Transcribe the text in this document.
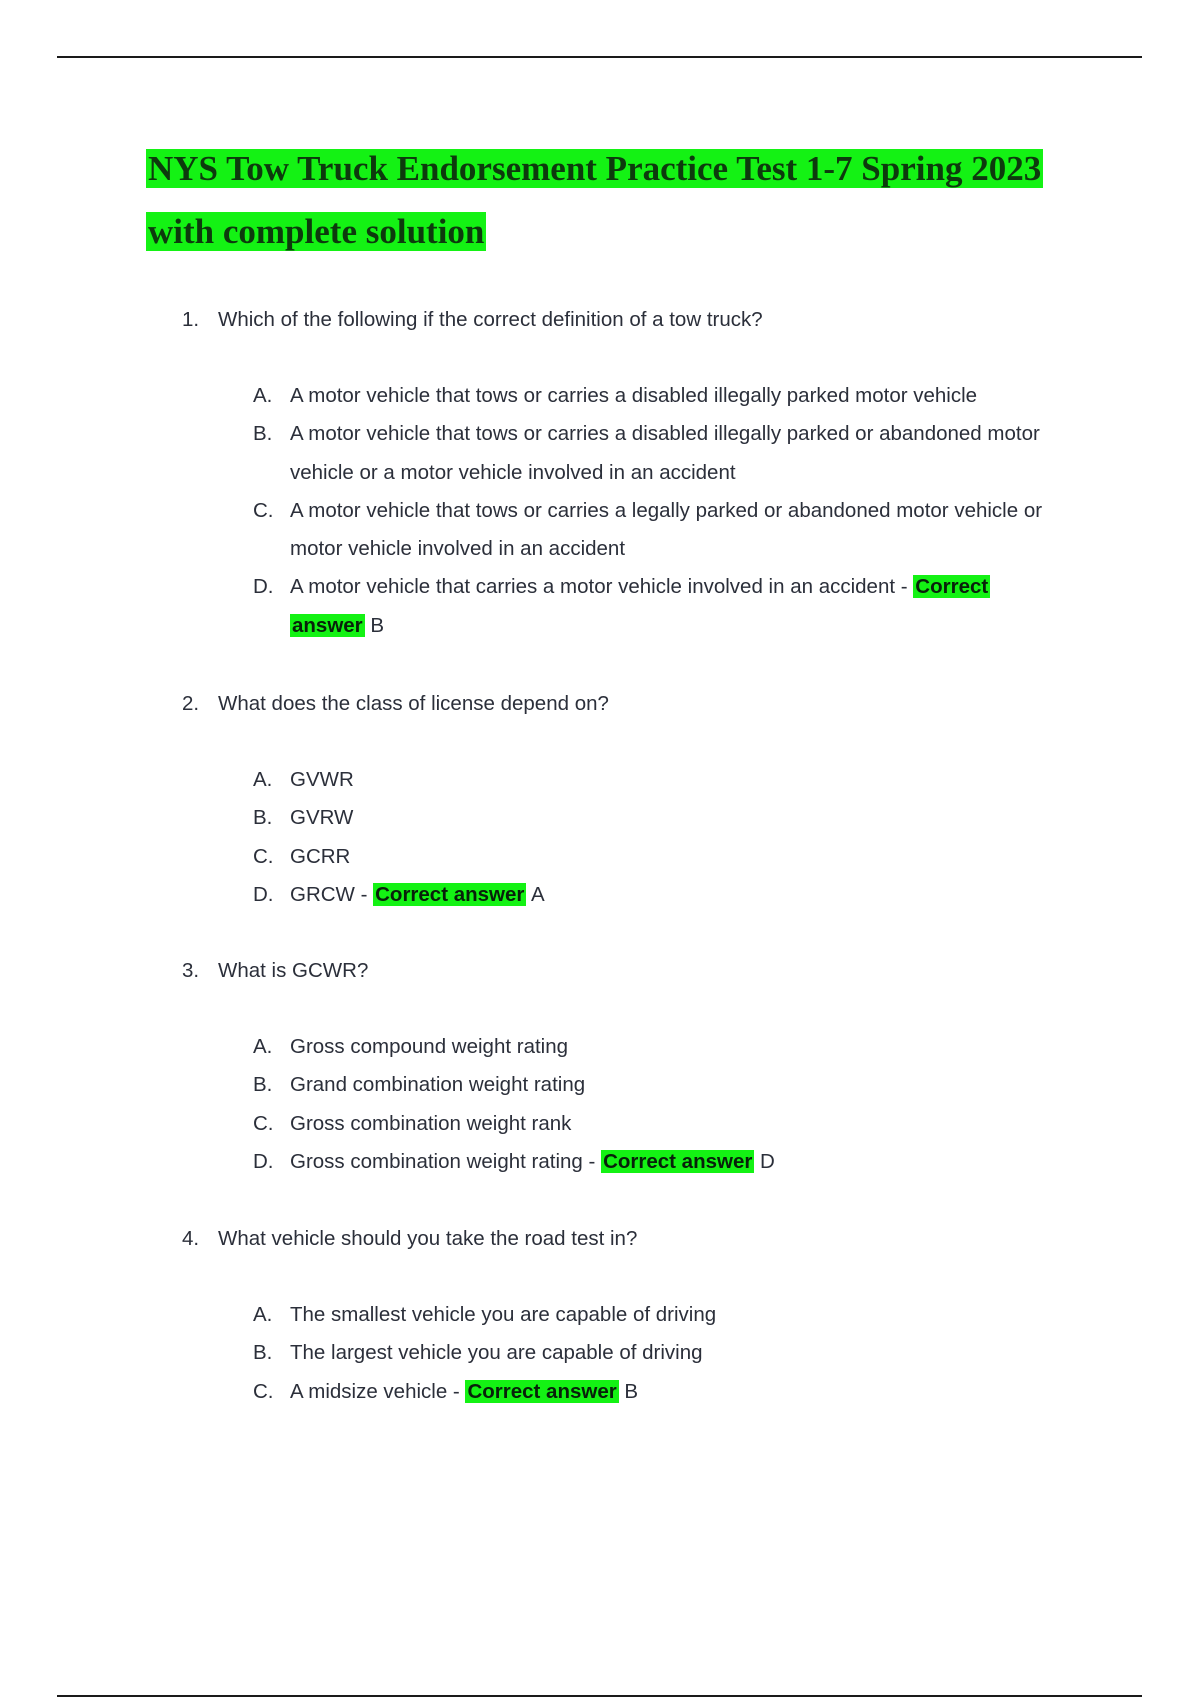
NYS Tow Truck Endorsement Practice Test 1-7 Spring 2023
with complete solution
1. Which of the following if the correct definition of a tow truck?
A. A motor vehicle that tows or carries a disabled illegally parked motor vehicle
B. A motor vehicle that tows or carries a disabled illegally parked or abandoned motor vehicle or a motor vehicle involved in an accident
C. A motor vehicle that tows or carries a legally parked or abandoned motor vehicle or motor vehicle involved in an accident
D. A motor vehicle that carries a motor vehicle involved in an accident - Correct
answer B
2. What does the class of license depend on?
A. GVWR
B. GVRW
C. GCRR
D. GRCW - Correct answer A
3. What is GCWR?
A. Gross compound weight rating
B. Grand combination weight rating
C. Gross combination weight rank
D. Gross combination weight rating - Correct answer D
4. What vehicle should you take the road test in?
A. The smallest vehicle you are capable of driving
B. The largest vehicle you are capable of driving
C. A midsize vehicle - Correct answer B
